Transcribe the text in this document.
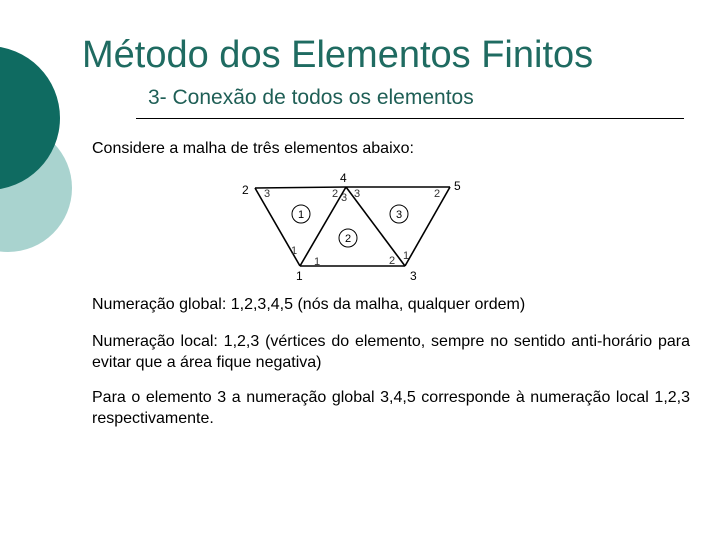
Método dos Elementos Finitos
3- Conexão de todos os elementos
Considere a malha de três elementos abaixo:
1
2
3
2
4
5
1	3
3	2 3 3	2
1
1	2 1
Numeração global: 1,2,3,4,5 (nós da malha, qualquer ordem)
Numeração local: 1,2,3 (vértices do elemento, sempre no sentido anti-horário para evitar que a área fique negativa)
Para o elemento 3 a numeração global 3,4,5 corresponde à numeração local 1,2,3 respectivamente.
